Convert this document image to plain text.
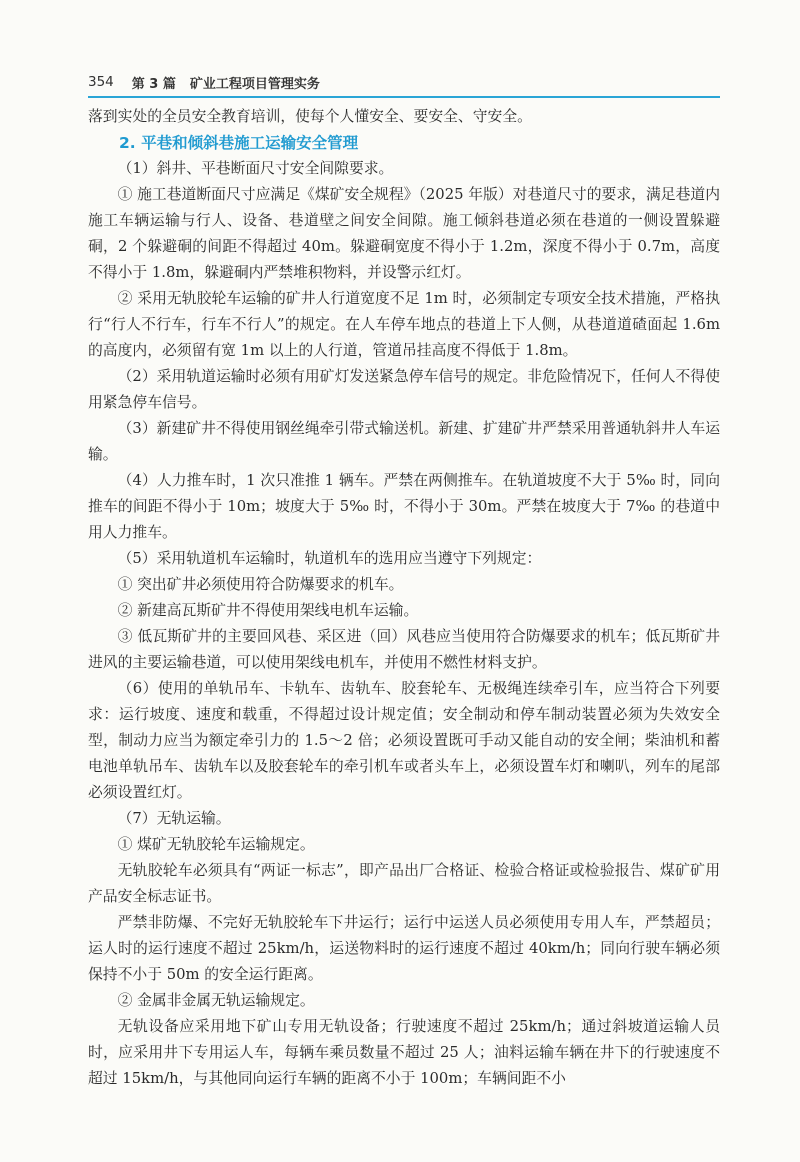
354 第 3 篇 矿业工程项目管理实务

落到实处的全员安全教育培训，使每个人懂安全、要安全、守安全。

2. 平巷和倾斜巷施工运输安全管理

（1）斜井、平巷断面尺寸安全间隙要求。

① 施工巷道断面尺寸应满足《煤矿安全规程》（2025 年版）对巷道尺寸的要求，满足巷道内施工车辆运输与行人、设备、巷道壁之间安全间隙。施工倾斜巷道必须在巷道的一侧设置躲避硐，2 个躲避硐的间距不得超过 40m。躲避硐宽度不得小于 1.2m，深度不得小于 0.7m，高度不得小于 1.8m，躲避硐内严禁堆积物料，并设警示红灯。

② 采用无轨胶轮车运输的矿井人行道宽度不足 1m 时，必须制定专项安全技术措施，严格执行“行人不行车，行车不行人”的规定。在人车停车地点的巷道上下人侧，从巷道道碴面起 1.6m 的高度内，必须留有宽 1m 以上的人行道，管道吊挂高度不得低于 1.8m。

（2）采用轨道运输时必须有用矿灯发送紧急停车信号的规定。非危险情况下，任何人不得使用紧急停车信号。

（3）新建矿井不得使用钢丝绳牵引带式输送机。新建、扩建矿井严禁采用普通轨斜井人车运输。

（4）人力推车时，1 次只准推 1 辆车。严禁在两侧推车。在轨道坡度不大于 5‰ 时，同向推车的间距不得小于 10m；坡度大于 5‰ 时，不得小于 30m。严禁在坡度大于 7‰ 的巷道中用人力推车。

（5）采用轨道机车运输时，轨道机车的选用应当遵守下列规定：

① 突出矿井必须使用符合防爆要求的机车。

② 新建高瓦斯矿井不得使用架线电机车运输。

③ 低瓦斯矿井的主要回风巷、采区进（回）风巷应当使用符合防爆要求的机车；低瓦斯矿井进风的主要运输巷道，可以使用架线电机车，并使用不燃性材料支护。

（6）使用的单轨吊车、卡轨车、齿轨车、胶套轮车、无极绳连续牵引车，应当符合下列要求：运行坡度、速度和载重，不得超过设计规定值；安全制动和停车制动装置必须为失效安全型，制动力应当为额定牵引力的 1.5～2 倍；必须设置既可手动又能自动的安全闸；柴油机和蓄电池单轨吊车、齿轨车以及胶套轮车的牵引机车或者头车上，必须设置车灯和喇叭，列车的尾部必须设置红灯。

（7）无轨运输。

① 煤矿无轨胶轮车运输规定。

无轨胶轮车必须具有“两证一标志”，即产品出厂合格证、检验合格证或检验报告、煤矿矿用产品安全标志证书。

严禁非防爆、不完好无轨胶轮车下井运行；运行中运送人员必须使用专用人车，严禁超员；运人时的运行速度不超过 25km/h，运送物料时的运行速度不超过 40km/h；同向行驶车辆必须保持不小于 50m 的安全运行距离。

② 金属非金属无轨运输规定。

无轨设备应采用地下矿山专用无轨设备；行驶速度不超过 25km/h；通过斜坡道运输人员时，应采用井下专用运人车，每辆车乘员数量不超过 25 人；油料运输车辆在井下的行驶速度不超过 15km/h，与其他同向运行车辆的距离不小于 100m；车辆间距不小
